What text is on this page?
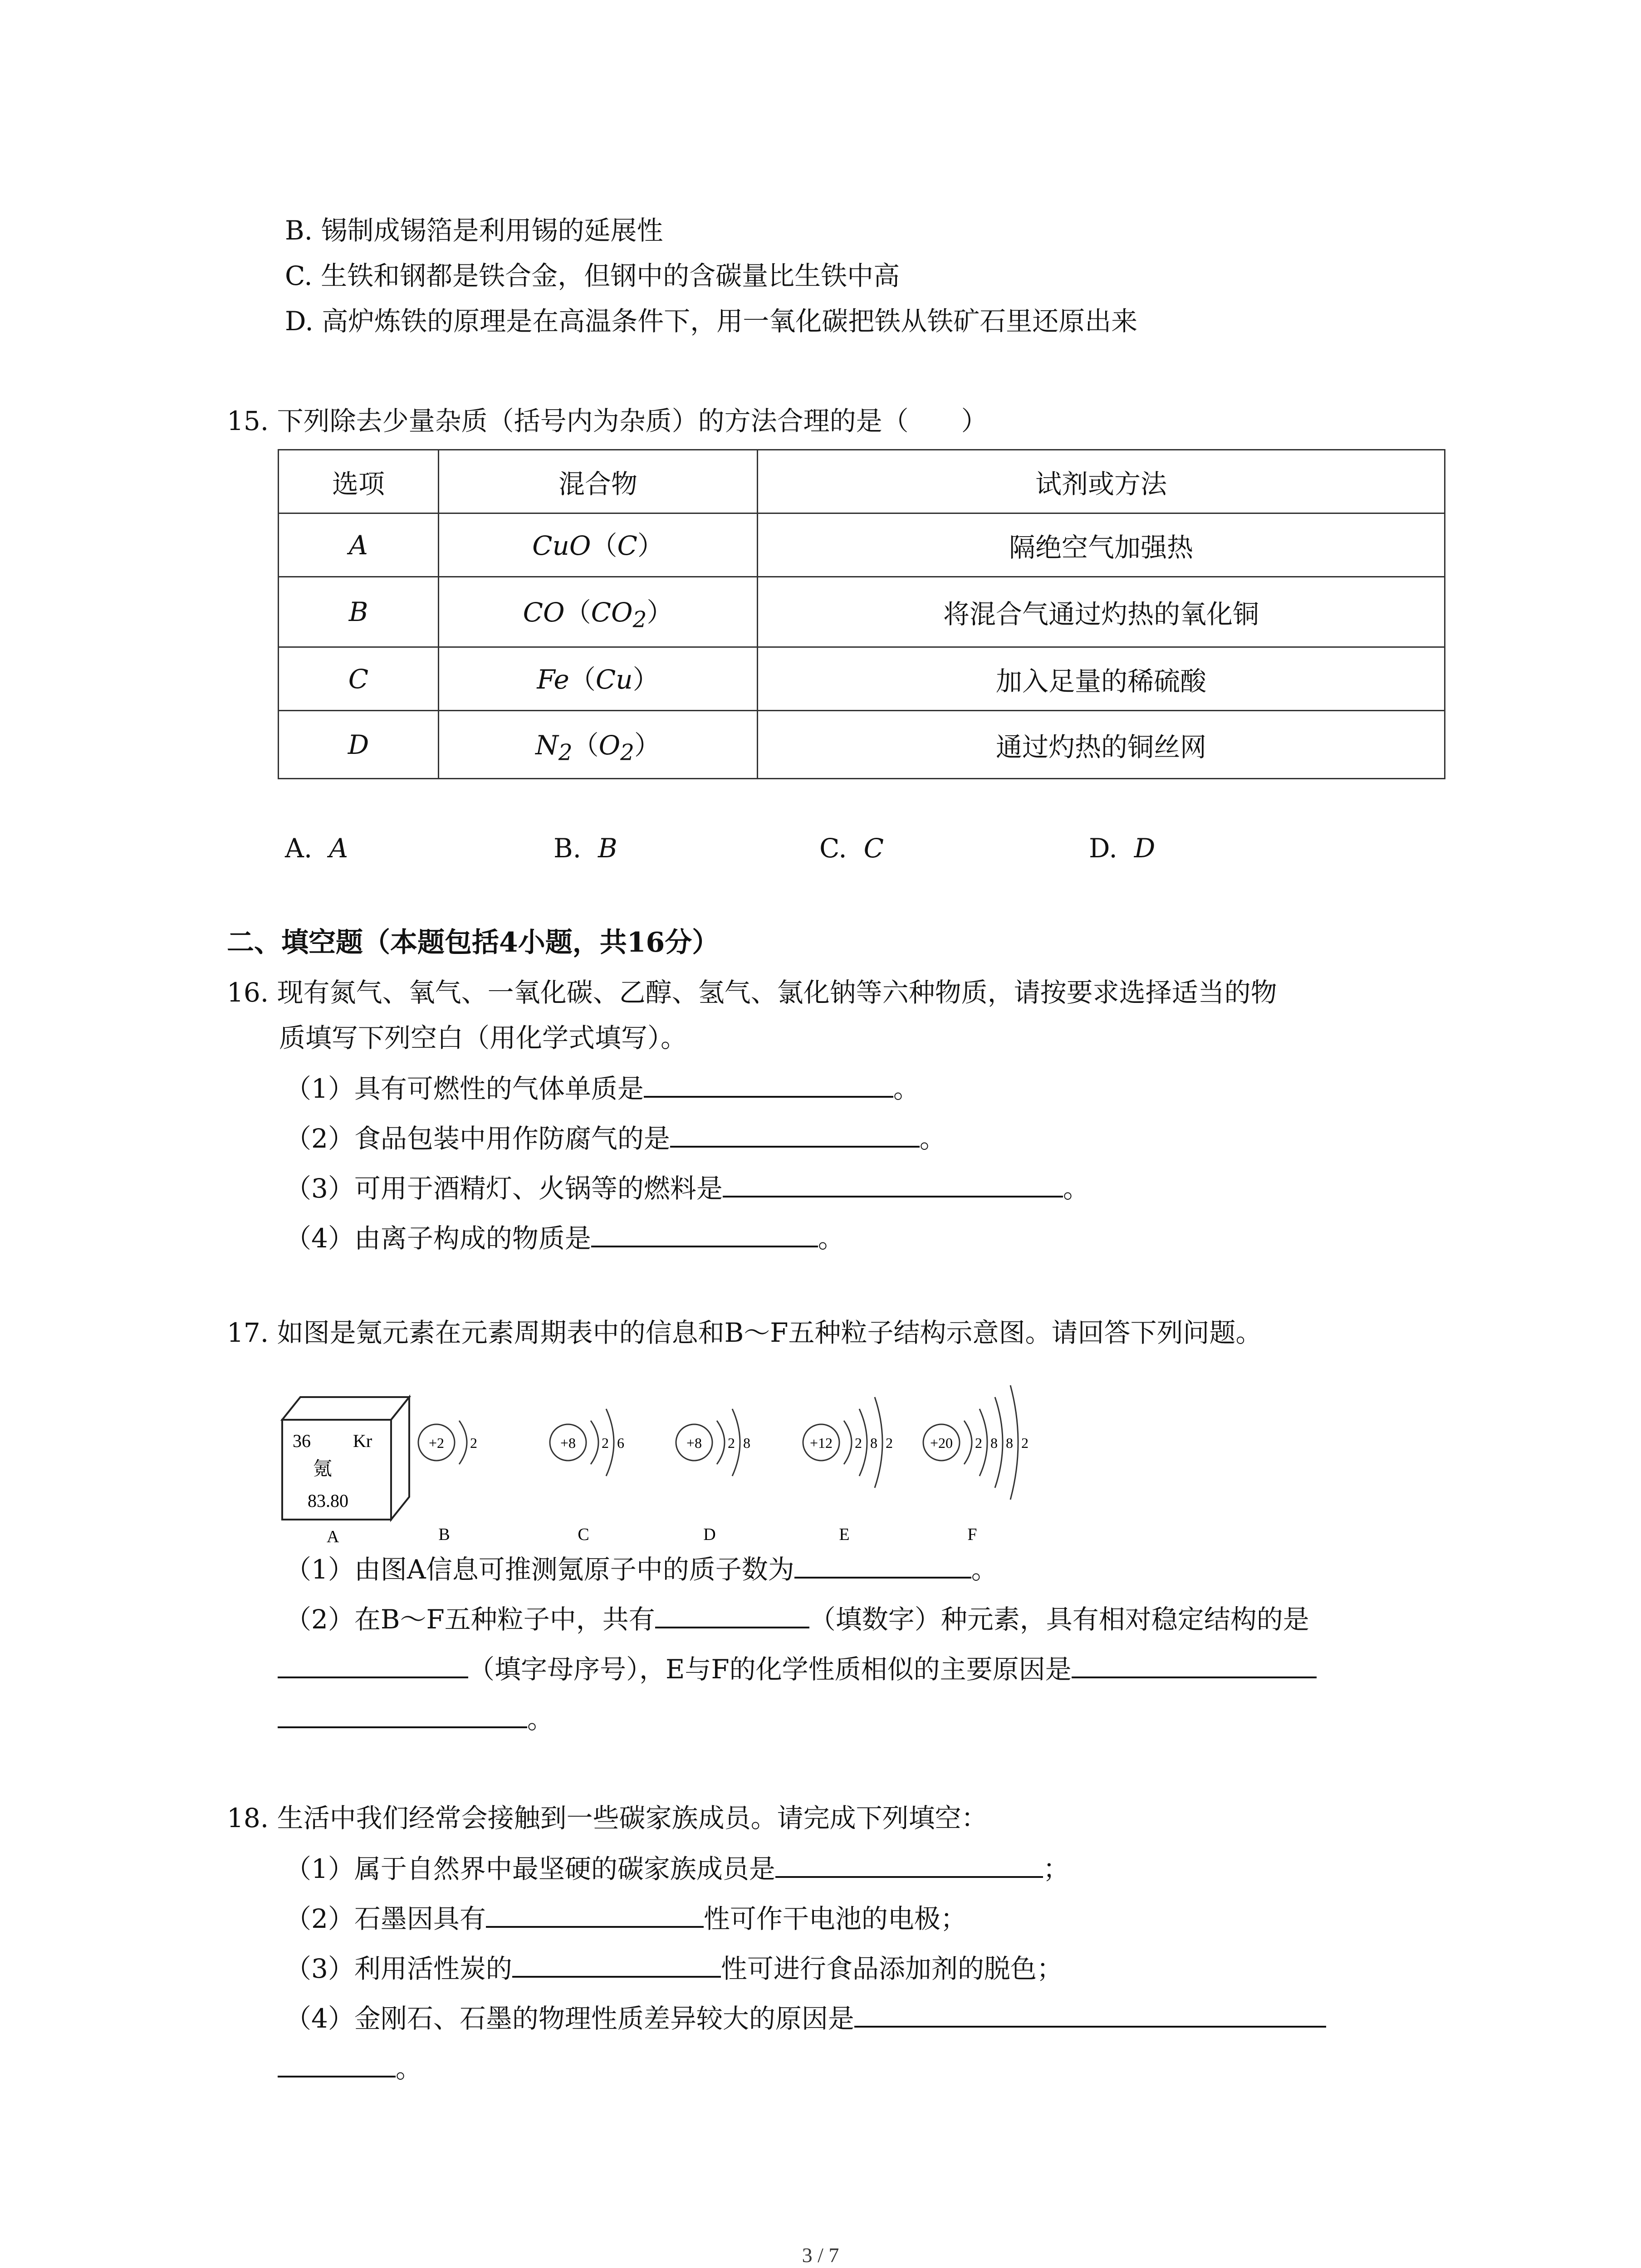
B. 锡制成锡箔是利用锡的延展性
C. 生铁和钢都是铁合金，但钢中的含碳量比生铁中高
D. 高炉炼铁的原理是在高温条件下，用一氧化碳把铁从铁矿石里还原出来
15. 下列除去少量杂质（括号内为杂质）的方法合理的是（　　）
选项	混合物	试剂或方法
A	CuO（C）	隔绝空气加强热
B	$CO(CO_2)$	将混合气通过灼热的氧化铜
C	Fe（Cu）	加入足量的稀硫酸
D	$N_2(O_2)$	通过灼热的铜丝网
A. A	B. B	C. C	D. D
二、填空题（本题包括4小题，共16分）
16. 现有氮气、氧气、一氧化碳、乙醇、氢气、氯化钠等六种物质，请按要求选择适当的物
质填写下列空白（用化学式填写）。
（1）具有可燃性的气体单质是	。
（2）食品包装中用作防腐气的是	。
（3）可用于酒精灯、火锅等的燃料是	。
（4）由离子构成的物质是	。
17. 如图是氪元素在元素周期表中的信息和B～F五种粒子结构示意图。请回答下列问题。
36 Kr
氪
83.80
A
+2 2
B
+8 2 6
C
+8 2 8
D
+12 2 8 2
E
+20 2 8 8 2
F
（1）由图A信息可推测氪原子中的质子数为	。
（2）在B～F五种粒子中，共有	（填数字）种元素，具有相对稳定结构的是
（填字母序号），E与F的化学性质相似的主要原因是
。
18. 生活中我们经常会接触到一些碳家族成员。请完成下列填空：
（1）属于自然界中最坚硬的碳家族成员是	；
（2）石墨因具有	性可作干电池的电极；
（3）利用活性炭的	性可进行食品添加剂的脱色；
（4）金刚石、石墨的物理性质差异较大的原因是
。
3 / 7
